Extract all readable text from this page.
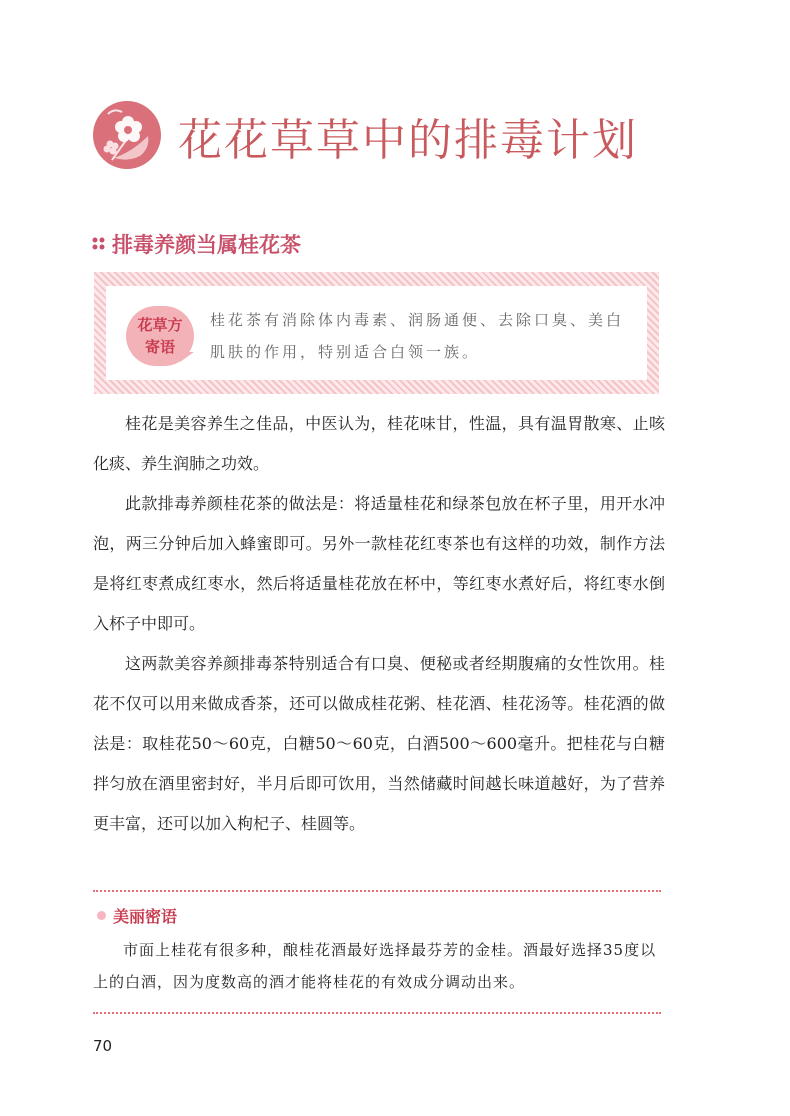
花花草草中的排毒计划
排毒养颜当属桂花茶
花草方
寄语
桂花茶有消除体内毒素、润肠通便、去除口臭、美白肌肤的作用，特别适合白领一族。

桂花是美容养生之佳品，中医认为，桂花味甘，性温，具有温胃散寒、止咳化痰、养生润肺之功效。

此款排毒养颜桂花茶的做法是：将适量桂花和绿茶包放在杯子里，用开水冲泡，两三分钟后加入蜂蜜即可。另外一款桂花红枣茶也有这样的功效，制作方法是将红枣煮成红枣水，然后将适量桂花放在杯中，等红枣水煮好后，将红枣水倒入杯子中即可。

这两款美容养颜排毒茶特别适合有口臭、便秘或者经期腹痛的女性饮用。桂花不仅可以用来做成香茶，还可以做成桂花粥、桂花酒、桂花汤等。桂花酒的做法是：取桂花50～60克，白糖50～60克，白酒500～600毫升。把桂花与白糖拌匀放在酒里密封好，半月后即可饮用，当然储藏时间越长味道越好，为了营养更丰富，还可以加入枸杞子、桂圆等。

美丽密语
市面上桂花有很多种，酿桂花酒最好选择最芬芳的金桂。酒最好选择35度以上的白酒，因为度数高的酒才能将桂花的有效成分调动出来。
70
